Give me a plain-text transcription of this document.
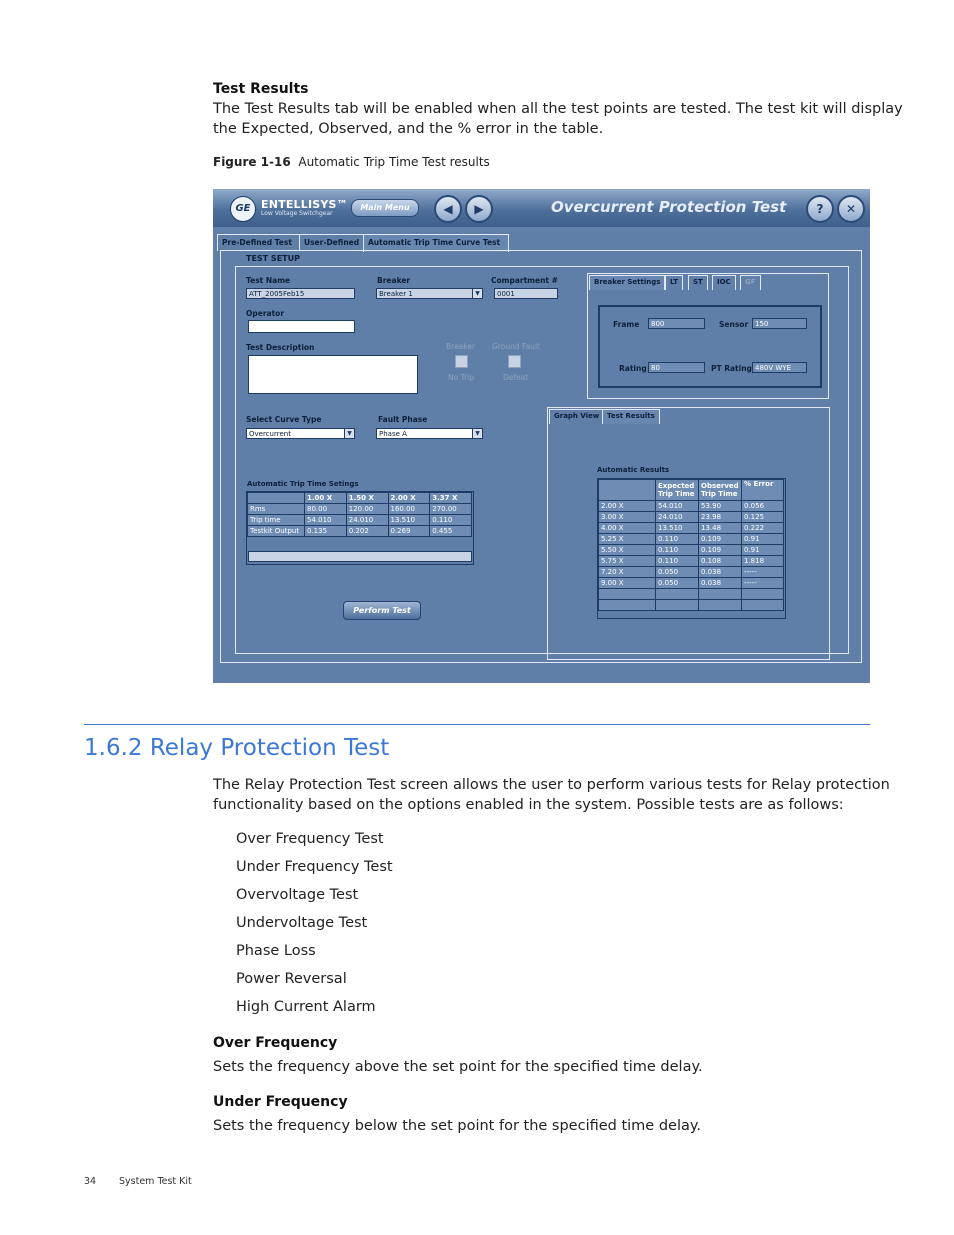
Test Results
The Test Results tab will be enabled when all the test points are tested. The test kit will display
the Expected, Observed, and the % error in the table.
Figure 1-16 Automatic Trip Time Test results
GE ENTELLISYS™
Low Voltage Switchgear
Main Menu	◀	▶	Overcurrent Protection Test	?	✕
Pre-Defined Test	User-Defined	Automatic Trip Time Curve Test
TEST SETUP
Test Name
ATT_2005Feb15
Breaker
Breaker 1	▼
Compartment #
0001
Operator
Test Description	Breaker
No Trip
Ground Fault
Defeat
Breaker Settings	LT	ST	IOC	GF
Frame	800	Sensor 150
Rating 80	PT Rating 480V WYE
Select Curve Type
Overcurrent	▼
Fault Phase
Phase A	▼
Automatic Trip Time Setings
	1.00 X	1.50 X	2.00 X	3.37 X
Rms	80.00	120.00	160.00	270.00
Trip time	54.010	24.010	13.510	0.110
Testkit Output	0.135	0.202	0.269	0.455
Perform Test
Graph View	Test Results
Automatic Results
	Expected Trip Time	Observed Trip Time	% Error
2.00 X	54.010	53.90	0.056
3.00 X	24.010	23.98	0.125
4.00 X	13.510	13.48	0.222
5.25 X	0.110	0.109	0.91
5.50 X	0.110	0.109	0.91
5.75 X	0.110	0.108	1.818
7.20 X	0.050	0.038	-----
9.00 X	0.050	0.038	-----

1.6.2 Relay Protection Test
The Relay Protection Test screen allows the user to perform various tests for Relay protection
functionality based on the options enabled in the system. Possible tests are as follows:
Over Frequency Test
Under Frequency Test
Overvoltage Test
Undervoltage Test
Phase Loss
Power Reversal
High Current Alarm
Over Frequency
Sets the frequency above the set point for the specified time delay.
Under Frequency
Sets the frequency below the set point for the specified time delay.
34 System Test Kit
